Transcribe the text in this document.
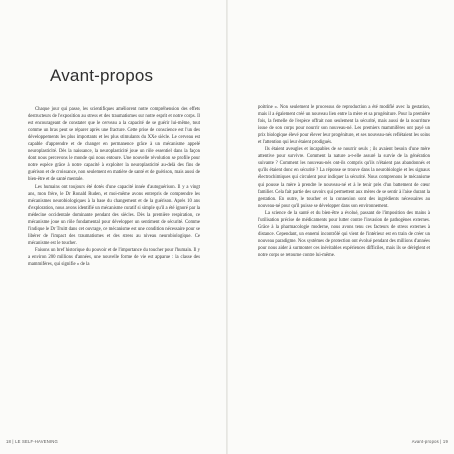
Avant-propos

Chaque jour qui passe, les scientifiques améliorent notre compréhension des effets destructeurs de l'exposition au stress et des traumatismes sur notre esprit et notre corps. Il est encourageant de constater que le cerveau a la capacité de se guérir lui-même, tout comme un bras peut se réparer après une fracture. Cette prise de conscience est l'un des développements les plus importants et les plus stimulants du XXe siècle. Le cerveau est capable d'apprendre et de changer en permanence grâce à un mécanisme appelé neuroplasticité. Dès la naissance, la neuroplasticité joue un rôle essentiel dans la façon dont nous percevons le monde qui nous entoure. Une nouvelle révolution se profile pour notre espèce grâce à notre capacité à exploiter la neuroplasticité au-delà des fins de guérison et de croissance, non seulement en matière de santé et de guérison, mais aussi de bien-être et de santé mentale.

Les humains ont toujours été dotés d'une capacité innée d'autoguérison. Il y a vingt ans, mon frère, le Dr Ronald Ruden, et moi-même avons entrepris de comprendre les mécanismes neurobiologiques à la base du changement et de la guérison. Après 10 ans d'exploration, nous avons identifié un mécanisme curatif si simple qu'il a été ignoré par la médecine occidentale dominante pendant des siècles. Dès la première respiration, ce mécanisme joue un rôle fondamental pour développer un sentiment de sécurité. Comme l'indique le Dr Truitt dans cet ouvrage, ce mécanisme est une condition nécessaire pour se libérer de l'impact des traumatismes et des stress au niveau neurobiologique. Ce mécanisme est le toucher.

Faisons un bref historique du pouvoir et de l'importance du toucher pour l'humain. Il y a environ 200 millions d'années, une nouvelle forme de vie est apparue : la classe des mammifères, qui signifie « de la

18 | LE SELF-HAVENING

poitrine ». Non seulement le processus de reproduction a été modifié avec la gestation, mais il a également créé un nouveau lien entre la mère et sa progéniture. Pour la première fois, la femelle de l'espèce offrait non seulement la sécurité, mais aussi de la nourriture issue de son corps pour nourrir son nouveau-né. Les premiers mammifères ont payé un prix biologique élevé pour élever leur progéniture, et ses nouveau-nés reflétaient les soins et l'attention qui leur étaient prodigués.

Ils étaient aveugles et incapables de se nourrir seuls ; ils avaient besoin d'une mère attentive pour survivre. Comment la nature a-t-elle assuré la survie de la génération suivante ? Comment les nouveau-nés ont-ils compris qu'ils n'étaient pas abandonnés et qu'ils étaient donc en sécurité ? La réponse se trouve dans la neurobiologie et les signaux électrochimiques qui circulent pour indiquer la sécurité. Nous comprenons le mécanisme qui pousse la mère à prendre le nouveau-né et à le tenir près d'un battement de cœur familier. Cela fait partie des savoirs qui permettent aux mères de se sentir à l'aise durant la gestation. En outre, le toucher et la connexion sont des ingrédients nécessaires au nouveau-né pour qu'il puisse se développer dans son environnement.

La science de la santé et du bien-être a évolué, passant de l'imposition des mains à l'utilisation précise de médicaments pour lutter contre l'invasion de pathogènes externes. Grâce à la pharmacologie moderne, nous avons tenu ces facteurs de stress externes à distance. Cependant, un ennemi incontrôlé qui vient de l'intérieur est en train de créer un nouveau paradigme. Nos systèmes de protection ont évolué pendant des millions d'années pour nous aider à surmonter ces inévitables expériences difficiles, mais ils se dérèglent et notre corps se retourne contre lui-même.

Avant-propos | 19
